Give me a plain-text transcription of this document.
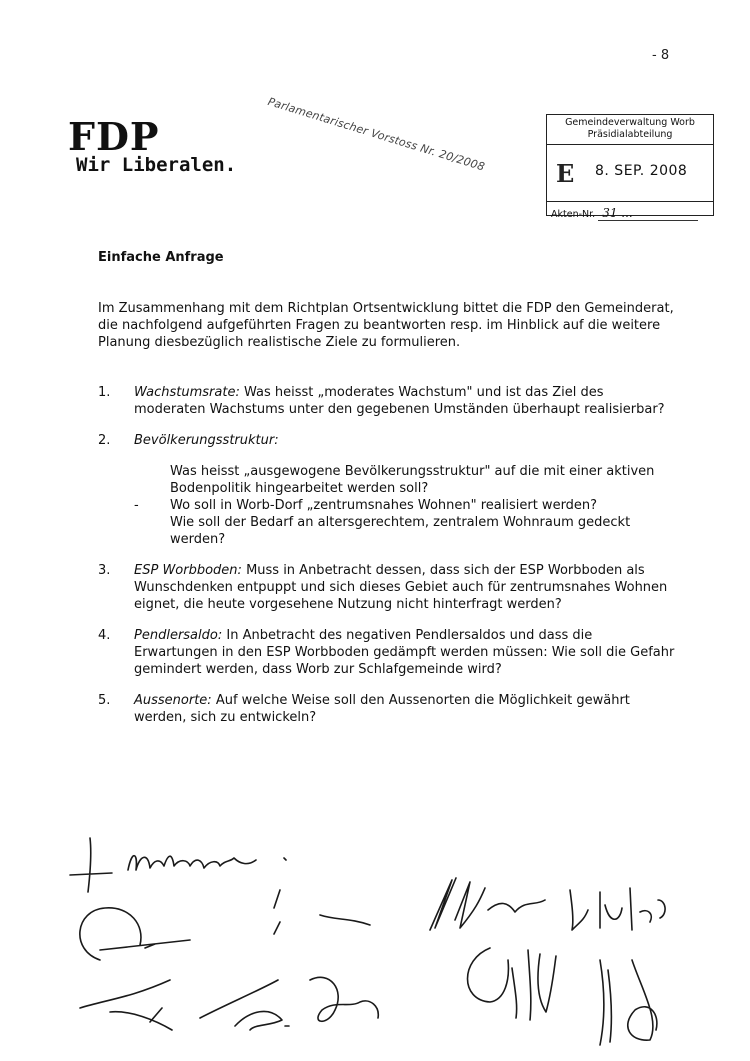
- 8
Parlamentarischer Vorstoss Nr. 20/2008
FDP
Wir Liberalen.
Gemeindeverwaltung Worb
Präsidialabteilung
E 8. SEP. 2008
Akten-Nr. 31 ...
Einfache Anfrage

Im Zusammenhang mit dem Richtplan Ortsentwicklung bittet die FDP den Gemeinderat, die nachfolgend aufgeführten Fragen zu beantworten resp. im Hinblick auf die weitere Planung diesbezüglich realistische Ziele zu formulieren.

1. Wachstumsrate: Was heisst „moderates Wachstum" und ist das Ziel des moderaten Wachstums unter den gegebenen Umständen überhaupt realisierbar?
2. Bevölkerungsstruktur:
Was heisst „ausgewogene Bevölkerungsstruktur" auf die mit einer aktiven Bodenpolitik hingearbeitet werden soll?
- Wo soll in Worb-Dorf „zentrumsnahes Wohnen" realisiert werden?
Wie soll der Bedarf an altersgerechtem, zentralem Wohnraum gedeckt werden?
3. ESP Worbboden: Muss in Anbetracht dessen, dass sich der ESP Worbboden als Wunschdenken entpuppt und sich dieses Gebiet auch für zentrumsnahes Wohnen eignet, die heute vorgesehene Nutzung nicht hinterfragt werden?
4. Pendlersaldo: In Anbetracht des negativen Pendlersaldos und dass die Erwartungen in den ESP Worbboden gedämpft werden müssen: Wie soll die Gefahr gemindert werden, dass Worb zur Schlafgemeinde wird?
5. Aussenorte: Auf welche Weise soll den Aussenorten die Möglichkeit gewährt werden, sich zu entwickeln?
